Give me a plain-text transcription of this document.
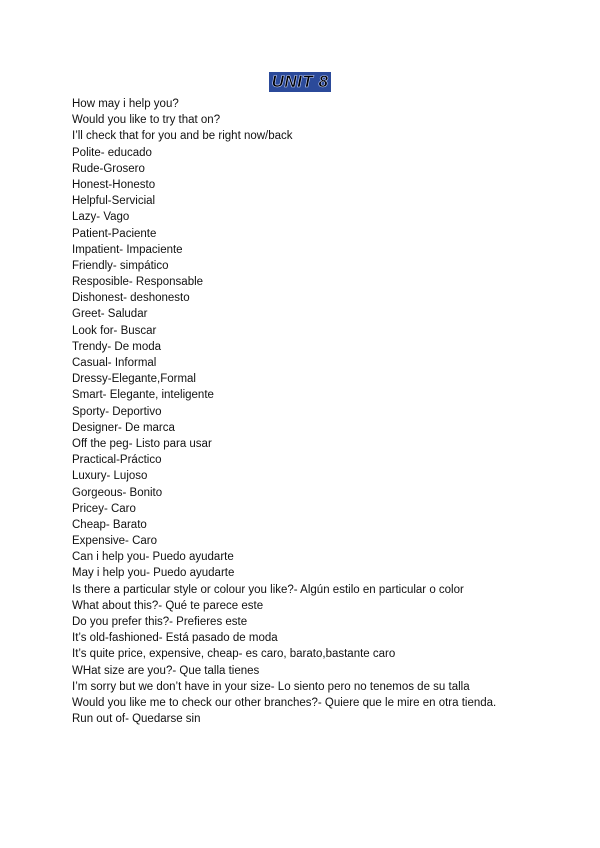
UNIT 8
How may i help you?
Would you like to try that on?
I’ll check that for you and be right now/back
Polite- educado
Rude-Grosero
Honest-Honesto
Helpful-Servicial
Lazy- Vago
Patient-Paciente
Impatient- Impaciente
Friendly- simpático
Resposible- Responsable
Dishonest- deshonesto
Greet- Saludar
Look for- Buscar
Trendy- De moda
Casual- Informal
Dressy-Elegante,Formal
Smart- Elegante, inteligente
Sporty- Deportivo
Designer- De marca
Off the peg- Listo para usar
Practical-Práctico
Luxury- Lujoso
Gorgeous- Bonito
Pricey- Caro
Cheap- Barato
Expensive- Caro
Can i help you- Puedo ayudarte
May i help you- Puedo ayudarte
Is there a particular style or colour you like?- Algún estilo en particular o color
What about this?- Qué te parece este
Do you prefer this?- Prefieres este
It’s old-fashioned- Está pasado de moda
It’s quite price, expensive, cheap- es caro, barato,bastante caro
WHat size are you?- Que talla tienes
I’m sorry but we don’t have in your size- Lo siento pero no tenemos de su talla
Would you like me to check our other branches?- Quiere que le mire en otra tienda.
Run out of- Quedarse sin
